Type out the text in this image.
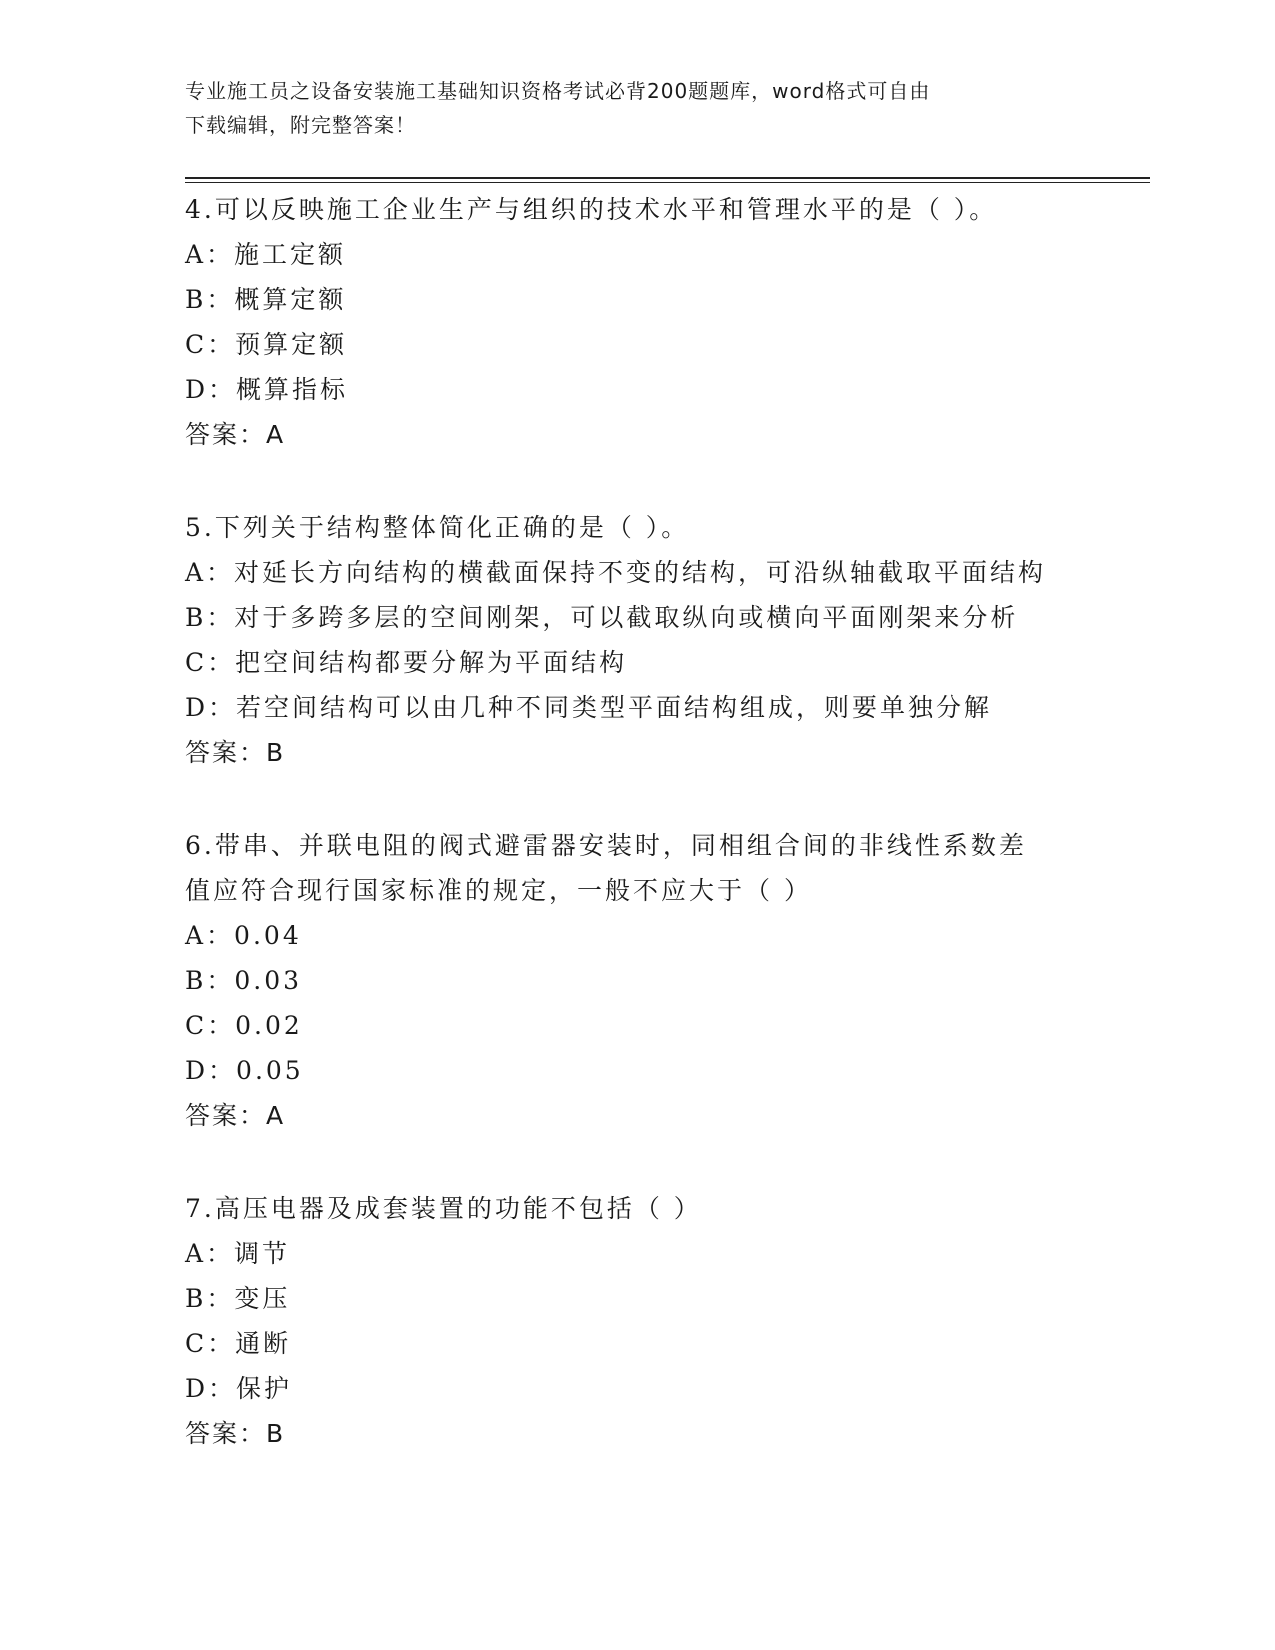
专业施工员之设备安装施工基础知识资格考试必背200题题库，word格式可自由
下载编辑，附完整答案！

4.可以反映施工企业生产与组织的技术水平和管理水平的是（ ）。

A：施工定额

B：概算定额

C：预算定额

D：概算指标

答案：A

5.下列关于结构整体简化正确的是（ ）。

A：对延长方向结构的横截面保持不变的结构，可沿纵轴截取平面结构

B：对于多跨多层的空间刚架，可以截取纵向或横向平面刚架来分析

C：把空间结构都要分解为平面结构

D：若空间结构可以由几种不同类型平面结构组成，则要单独分解

答案：B

6.带串、并联电阻的阀式避雷器安装时，同相组合间的非线性系数差

值应符合现行国家标准的规定，一般不应大于（ ）

A：0.04

B：0.03

C：0.02

D：0.05

答案：A

7.高压电器及成套装置的功能不包括（ ）

A：调节

B：变压

C：通断

D：保护

答案：B
